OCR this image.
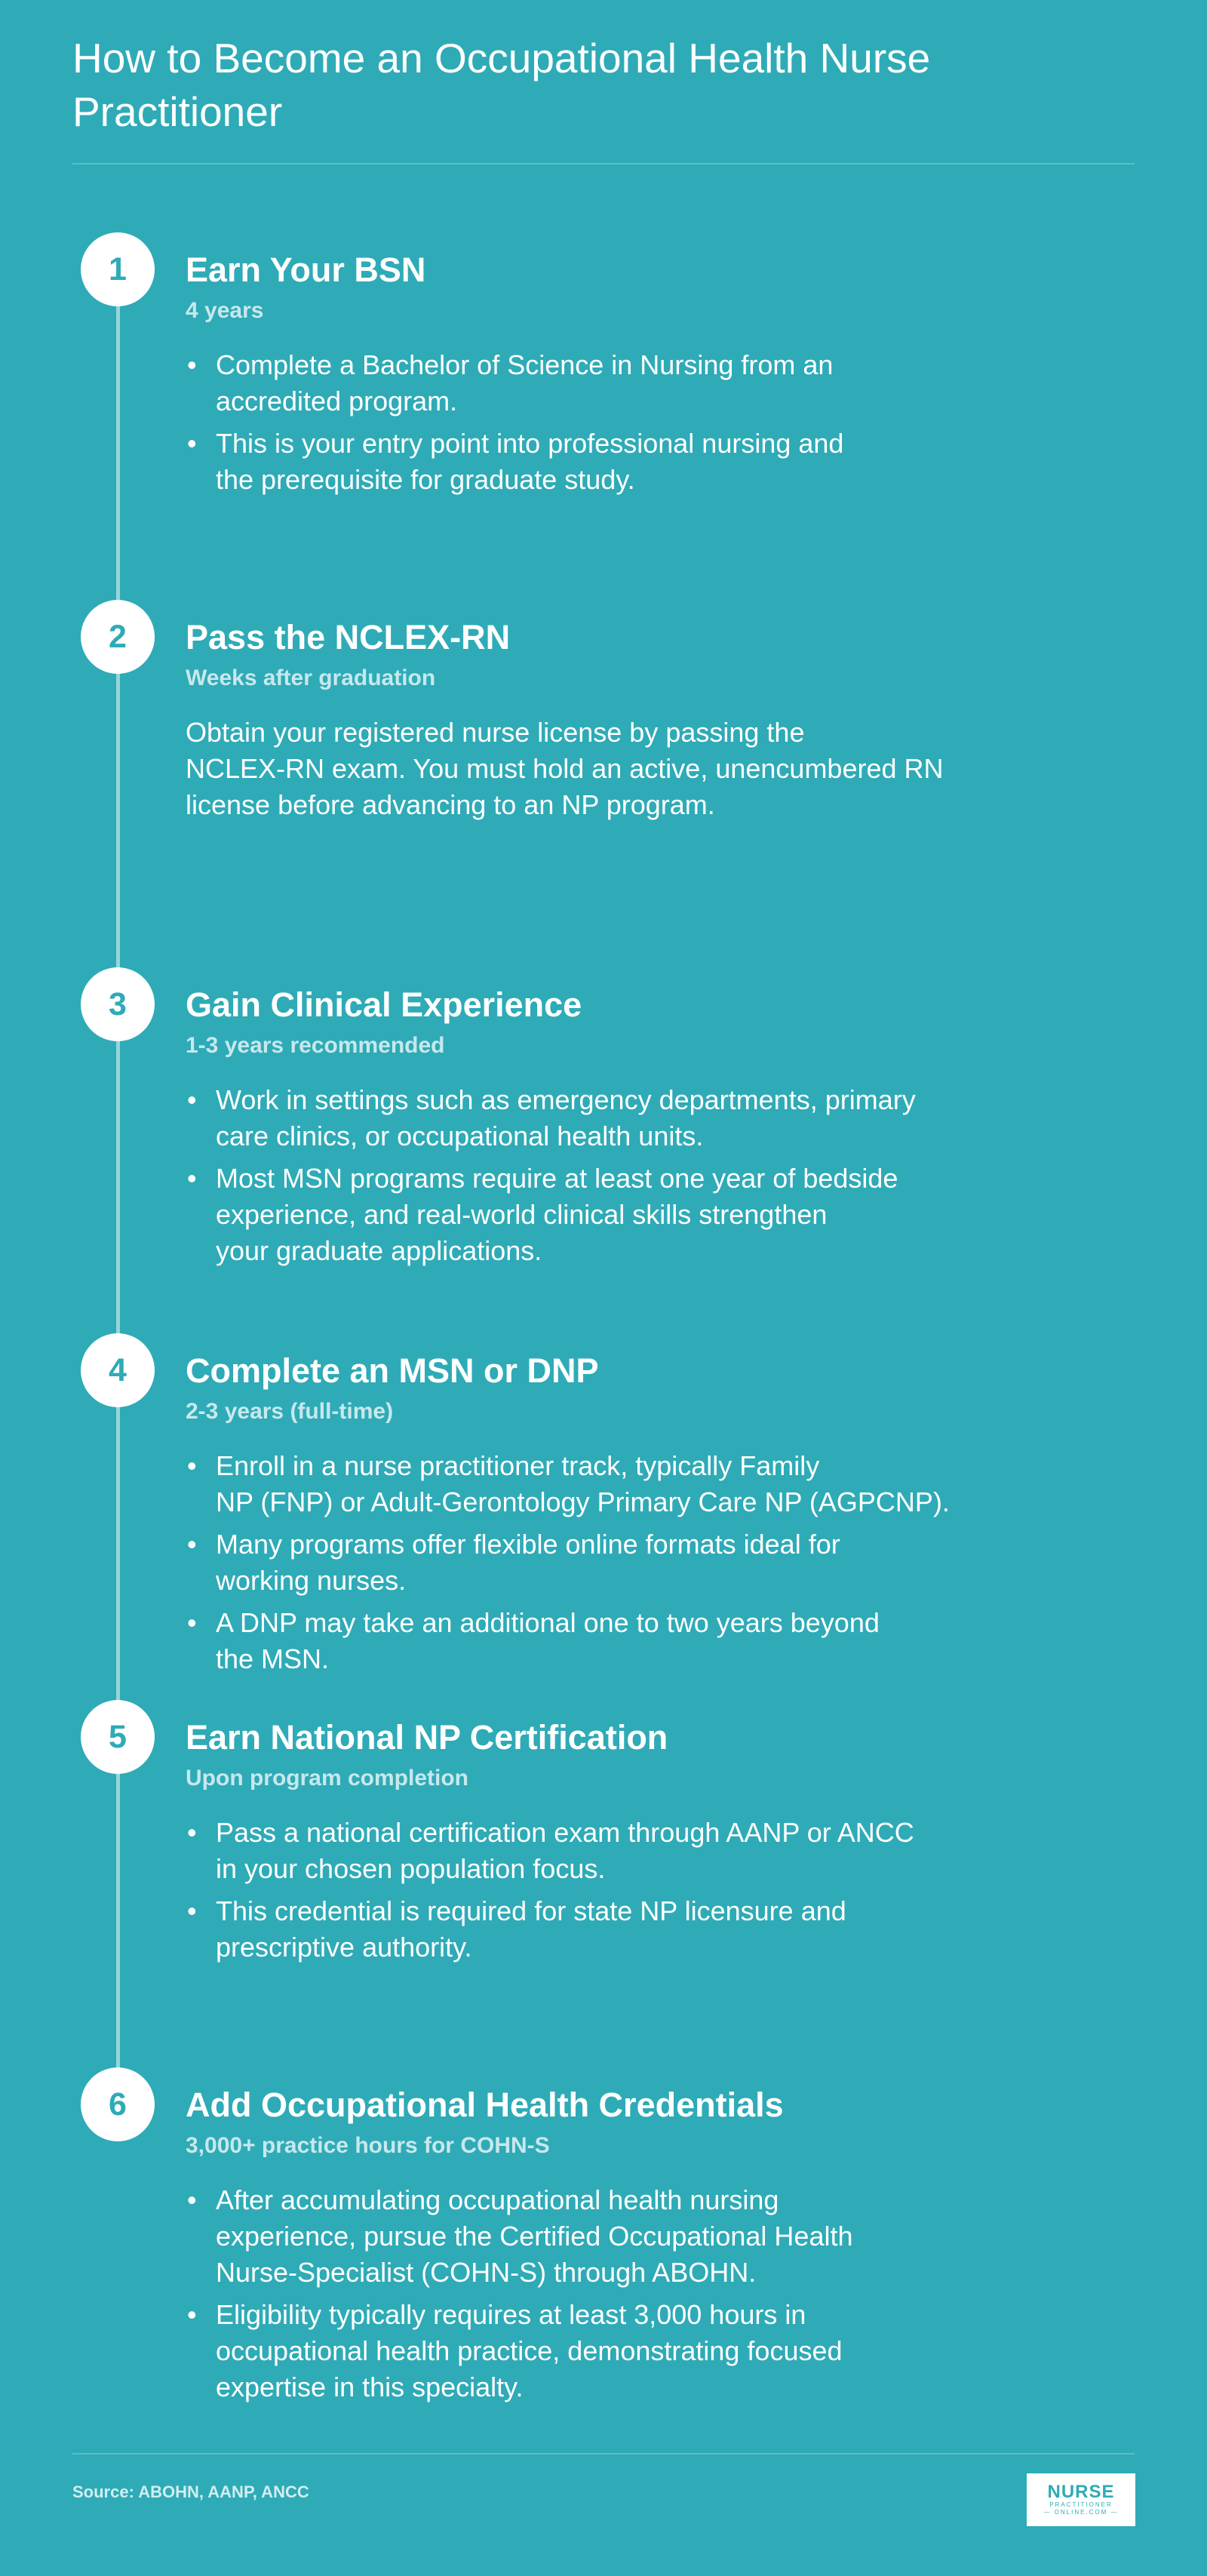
How to Become an Occupational Health Nurse Practitioner
1	Earn Your BSN
4 years
• Complete a Bachelor of Science in Nursing from an
accredited program.
• This is your entry point into professional nursing and
the prerequisite for graduate study.
2	Pass the NCLEX-RN
Weeks after graduation
Obtain your registered nurse license by passing the
NCLEX-RN exam. You must hold an active, unencumbered RN
license before advancing to an NP program.
3	Gain Clinical Experience
1-3 years recommended
• Work in settings such as emergency departments, primary
care clinics, or occupational health units.
• Most MSN programs require at least one year of bedside
experience, and real-world clinical skills strengthen
your graduate applications.
4	Complete an MSN or DNP
2-3 years (full-time)
• Enroll in a nurse practitioner track, typically Family
NP (FNP) or Adult-Gerontology Primary Care NP (AGPCNP).
• Many programs offer flexible online formats ideal for
working nurses.
• A DNP may take an additional one to two years beyond
the MSN.
5	Earn National NP Certification
Upon program completion
• Pass a national certification exam through AANP or ANCC
in your chosen population focus.
• This credential is required for state NP licensure and
prescriptive authority.
6	Add Occupational Health Credentials
3,000+ practice hours for COHN-S
• After accumulating occupational health nursing
experience, pursue the Certified Occupational Health
Nurse-Specialist (COHN-S) through ABOHN.
• Eligibility typically requires at least 3,000 hours in
occupational health practice, demonstrating focused
expertise in this specialty.
Source: ABOHN, AANP, ANCC	NURSE
PRACTITIONER
— ONLINE.COM —
